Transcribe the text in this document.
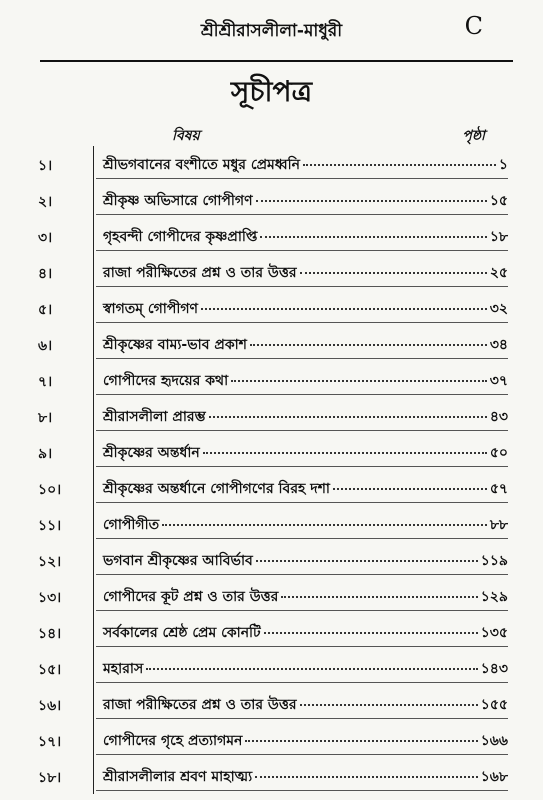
শ্রীশ্রীরাসলীলা-মাধুরী	C
সূচীপত্র
বিষয়	পৃষ্ঠা
১।	শ্রীভগবানের বংশীতে মধুর প্রেমধ্বনি	১
২।	শ্রীকৃষ্ণ অভিসারে গোপীগণ	১৫
৩।	গৃহবন্দী গোপীদের কৃষ্ণপ্রাপ্তি	১৮
৪।	রাজা পরীক্ষিতের প্রশ্ন ও তার উত্তর	২৫
৫।	স্বাগতম্ গোপীগণ	৩২
৬।	শ্রীকৃষ্ণের বাম্য-ভাব প্রকাশ	৩৪
৭।	গোপীদের হৃদয়ের কথা	৩৭
৮।	শ্রীরাসলীলা প্রারম্ভ	৪৩
৯।	শ্রীকৃষ্ণের অন্তর্ধান	৫০
১০।	শ্রীকৃষ্ণের অন্তর্ধানে গোপীগণের বিরহ দশা	৫৭
১১।	গোপীগীত	৮৮
১২।	ভগবান শ্রীকৃষ্ণের আবির্ভাব	১১৯
১৩।	গোপীদের কূট প্রশ্ন ও তার উত্তর	১২৯
১৪।	সর্বকালের শ্রেষ্ঠ প্রেম কোনটি	১৩৫
১৫।	মহারাস	১৪৩
১৬।	রাজা পরীক্ষিতের প্রশ্ন ও তার উত্তর	১৫৫
১৭।	গোপীদের গৃহে প্রত্যাগমন	১৬৬
১৮।	শ্রীরাসলীলার শ্রবণ মাহাত্ম্য	১৬৮
